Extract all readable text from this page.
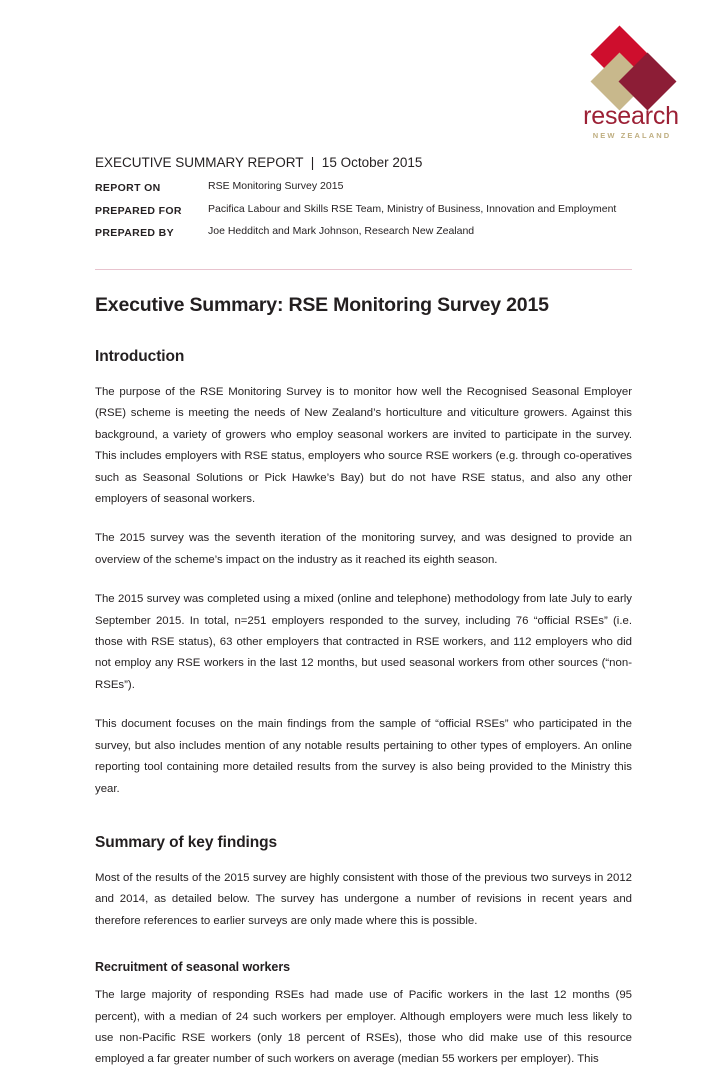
research
NEW ZEALAND
EXECUTIVE SUMMARY REPORT  |  15 October 2015
REPORT ON	RSE Monitoring Survey 2015
PREPARED FOR	Pacifica Labour and Skills RSE Team, Ministry of Business, Innovation and Employment
PREPARED BY	Joe Hedditch and Mark Johnson, Research New Zealand
Executive Summary: RSE Monitoring Survey 2015
Introduction

The purpose of the RSE Monitoring Survey is to monitor how well the Recognised Seasonal Employer (RSE) scheme is meeting the needs of New Zealand’s horticulture and viticulture growers. Against this background, a variety of growers who employ seasonal workers are invited to participate in the survey. This includes employers with RSE status, employers who source RSE workers (e.g. through co-operatives such as Seasonal Solutions or Pick Hawke’s Bay) but do not have RSE status, and also any other employers of seasonal workers.

The 2015 survey was the seventh iteration of the monitoring survey, and was designed to provide an overview of the scheme’s impact on the industry as it reached its eighth season.

The 2015 survey was completed using a mixed (online and telephone) methodology from late July to early September 2015. In total, n=251 employers responded to the survey, including 76 “official RSEs” (i.e. those with RSE status), 63 other employers that contracted in RSE workers, and 112 employers who did not employ any RSE workers in the last 12 months, but used seasonal workers from other sources (“non-RSEs”).

This document focuses on the main findings from the sample of “official RSEs” who participated in the survey, but also includes mention of any notable results pertaining to other types of employers. An online reporting tool containing more detailed results from the survey is also being provided to the Ministry this year.

Summary of key findings

Most of the results of the 2015 survey are highly consistent with those of the previous two surveys in 2012 and 2014, as detailed below. The survey has undergone a number of revisions in recent years and therefore references to earlier surveys are only made where this is possible.

Recruitment of seasonal workers

The large majority of responding RSEs had made use of Pacific workers in the last 12 months (95 percent), with a median of 24 such workers per employer. Although employers were much less likely to use non-Pacific RSE workers (only 18 percent of RSEs), those who did make use of this resource employed a far greater number of such workers on average (median 55 workers per employer). This
